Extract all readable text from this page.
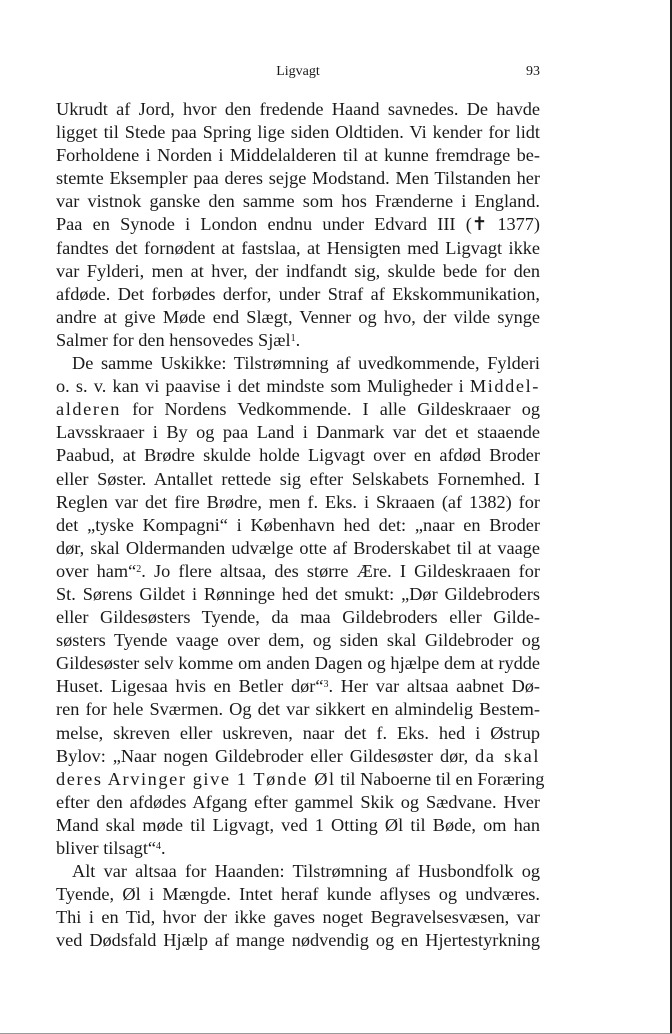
Ligvagt	93
Ukrudt af Jord, hvor den fredende Haand savnedes. De havde
ligget til Stede paa Spring lige siden Oldtiden. Vi kender for lidt
Forholdene i Norden i Middelalderen til at kunne fremdrage be-
stemte Eksempler paa deres sejge Modstand. Men Tilstanden her
var vistnok ganske den samme som hos Frænderne i England.
Paa en Synode i London endnu under Edvard III (✝ 1377)
fandtes det fornødent at fastslaa, at Hensigten med Ligvagt ikke
var Fylderi, men at hver, der indfandt sig, skulde bede for den
afdøde. Det forbødes derfor, under Straf af Ekskommunikation,
andre at give Møde end Slægt, Venner og hvo, der vilde synge
Salmer for den hensovedes Sjæl$^1$.
De samme Uskikke: Tilstrømning af uvedkommende, Fylderi
o. s. v. kan vi paavise i det mindste som Muligheder i Middel-
alderen for Nordens Vedkommende. I alle Gildeskraaer og
Lavsskraaer i By og paa Land i Danmark var det et staaende
Paabud, at Brødre skulde holde Ligvagt over en afdød Broder
eller Søster. Antallet rettede sig efter Selskabets Fornemhed. I
Reglen var det fire Brødre, men f. Eks. i Skraaen (af 1382) for
det „tyske Kompagni“ i København hed det: „naar en Broder
dør, skal Oldermanden udvælge otte af Broderskabet til at vaage
over ham“$^2$. Jo flere altsaa, des større Ære. I Gildeskraaen for
St. Sørens Gildet i Rønninge hed det smukt: „Dør Gildebroders
eller Gildesøsters Tyende, da maa Gildebroders eller Gilde-
søsters Tyende vaage over dem, og siden skal Gildebroder og
Gildesøster selv komme om anden Dagen og hjælpe dem at rydde
Huset. Ligesaa hvis en Betler dør“$^3$. Her var altsaa aabnet Dø-
ren for hele Sværmen. Og det var sikkert en almindelig Bestem-
melse, skreven eller uskreven, naar det f. Eks. hed i Østrup
Bylov: „Naar nogen Gildebroder eller Gildesøster dør, da skal
deres Arvinger give 1 Tønde Øl til Naboerne til en Foræring
efter den afdødes Afgang efter gammel Skik og Sædvane. Hver
Mand skal møde til Ligvagt, ved 1 Otting Øl til Bøde, om han
bliver tilsagt“$^4$.
Alt var altsaa for Haanden: Tilstrømning af Husbondfolk og
Tyende, Øl i Mængde. Intet heraf kunde aflyses og undværes.
Thi i en Tid, hvor der ikke gaves noget Begravelsesvæsen, var
ved Dødsfald Hjælp af mange nødvendig og en Hjertestyrkning
